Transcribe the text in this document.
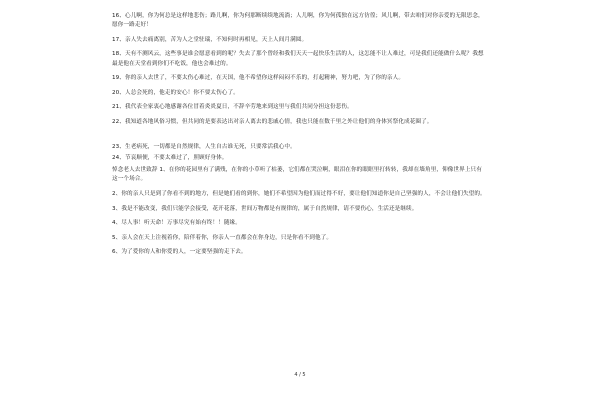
16、心儿啊，你为何总是这样地悲伤；路儿啊，你为何那断续续地流淌；人儿啊，你为何孤独在远方彷徨；风儿啊，带去咱们对你亲爱的无限思念，愿你一路走好！

17、亲人失去痛离别，苦为人之堂驻瑞，不知何时再相见，天上人间月满圆。

18、天有不测风云，这些事是谁会愿意看到的呢？失去了那个曾经和我们天天一起快乐生活的人，这怎能不让人难过，可是我们还能做什么呢？我想最是他在天堂看到你们不吃饭，他也会难过的。

19、你的亲人去世了，不要太伤心难过，在天国，他不希望你这样闷闷不乐的，打起精神，努力吧，为了你的亲人。

20、人总会死的，他走的安心！你不要太伤心了。

21、我代表全家衷心地感谢各位冒着炎炎夏日，不辞辛劳地来到这里与我们共同分担这份悲伤。

22、我知道各地风俗习惯，但共同的是要表达出对亲人离去的悲戚心情，我也只能在数千里之外让他们的身体冥祭化成花圈了。

23、生老病死，一切都是自然规律，人生自古谁无死，只要常活我心中。

24、节哀顺便，不要太难过了，照顾好身体。

悼念老人去世致辞 1、在你的花园里有了满残，在你的小草听了枯萎，它们都在哭泣啊，眼泪在你的眼眶里打转转，我却在墙角里，仰像世界上只有这一个场合。

2、你的亲人只是到了你看不到的地方，但是她们看的到你，她们不希望因为他们而过得不好，要让他们知道你是自己坚强的人，不会让他们失望的。

3、我是不能改变，我们只能学会接受，花开花落，世间万物都是有规律的，属于自然规律，请不要伤心，生活还是继续。

4、尽人事！听天命！万事尽究有始有终！！随缘。

5、亲人会在天上注视着你，陪伴着你，你亲人一直都会在你身边，只是你看不到他了。

6、为了爱你的人和你爱的人，一定要坚强的走下去。

4 / 5
